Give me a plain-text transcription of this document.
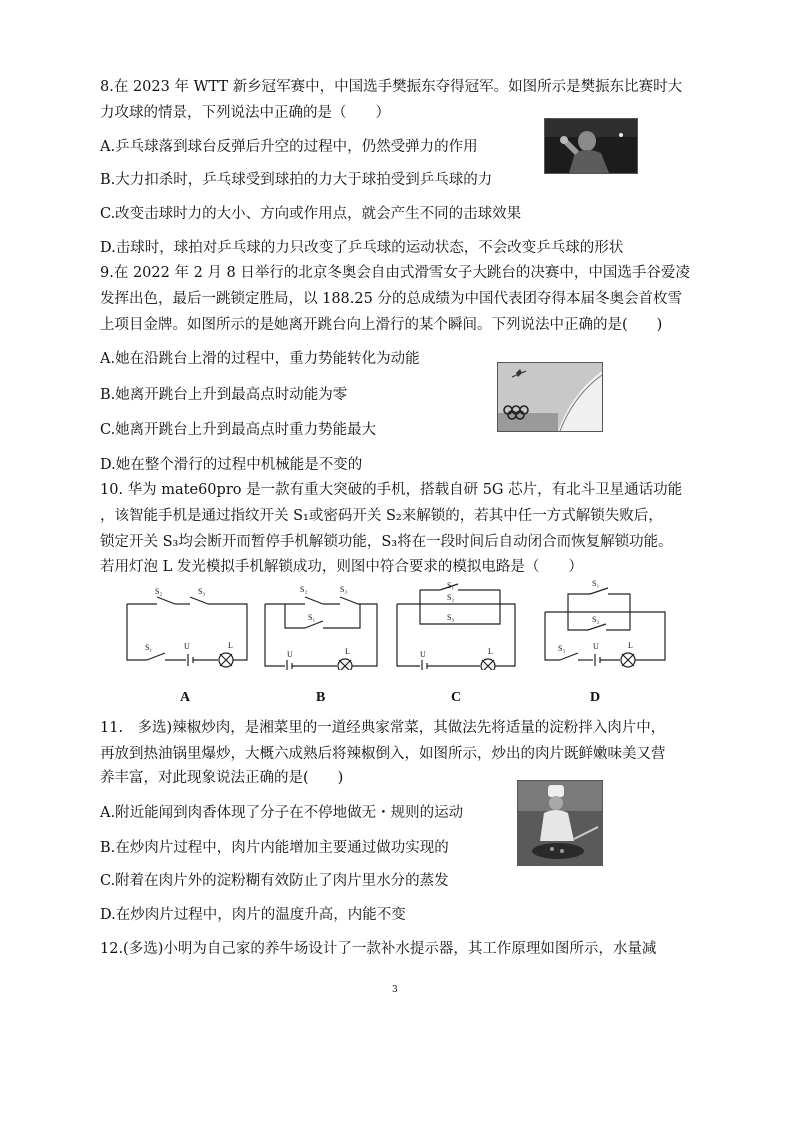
8.在 2023 年 WTT 新乡冠军赛中，中国选手樊振东夺得冠军。如图所示是樊振东比赛时大
力攻球的情景，下列说法中正确的是（　　）
A.乒乓球落到球台反弹后升空的过程中，仍然受弹力的作用
B.大力扣杀时，乒乓球受到球拍的力大于球拍受到乒乓球的力
C.改变击球时力的大小、方向或作用点，就会产生不同的击球效果
D.击球时，球拍对乒乓球的力只改变了乒乓球的运动状态，不会改变乒乓球的形状
9.在 2022 年 2 月 8 日举行的北京冬奥会自由式滑雪女子大跳台的决赛中，中国选手谷爱凌
发挥出色，最后一跳锁定胜局，以 188.25 分的总成绩为中国代表团夺得本届冬奥会首枚雪
上项目金牌。如图所示的是她离开跳台向上滑行的某个瞬间。下列说法中正确的是(　　)
A.她在沿跳台上滑的过程中，重力势能转化为动能
B.她离开跳台上升到最高点时动能为零
C.她离开跳台上升到最高点时重力势能最大
D.她在整个滑行的过程中机械能是不变的
10. 华为 mate60pro 是一款有重大突破的手机，搭载自研 5G 芯片，有北斗卫星通话功能
，该智能手机是通过指纹开关 S₁或密码开关 S₂来解锁的，若其中任一方式解锁失败后，
锁定开关 S₃均会断开而暂停手机解锁功能，S₃将在一段时间后自动闭合而恢复解锁功能。
若用灯泡 L 发光模拟手机解锁成功，则图中符合要求的模拟电路是（　　）
S₂	S₃
S₁	U	L
S₂	S₃
S₁
U	L
S₁
S₂
S₃
U	L
S₁
S₂
S₃	U	L
A	B	C	D
11.　多选)辣椒炒肉，是湘菜里的一道经典家常菜，其做法先将适量的淀粉拌入肉片中，
再放到热油锅里爆炒，大概六成熟后将辣椒倒入，如图所示，炒出的肉片既鲜嫩味美又营
养丰富，对此现象说法正确的是(　　)
A.附近能闻到肉香体现了分子在不停地做无・规则的运动
B.在炒肉片过程中，肉片内能增加主要通过做功实现的
C.附着在肉片外的淀粉糊有效防止了肉片里水分的蒸发
D.在炒肉片过程中，肉片的温度升高，内能不变
12.(多选)小明为自己家的养牛场设计了一款补水提示器，其工作原理如图所示，水量减
3
